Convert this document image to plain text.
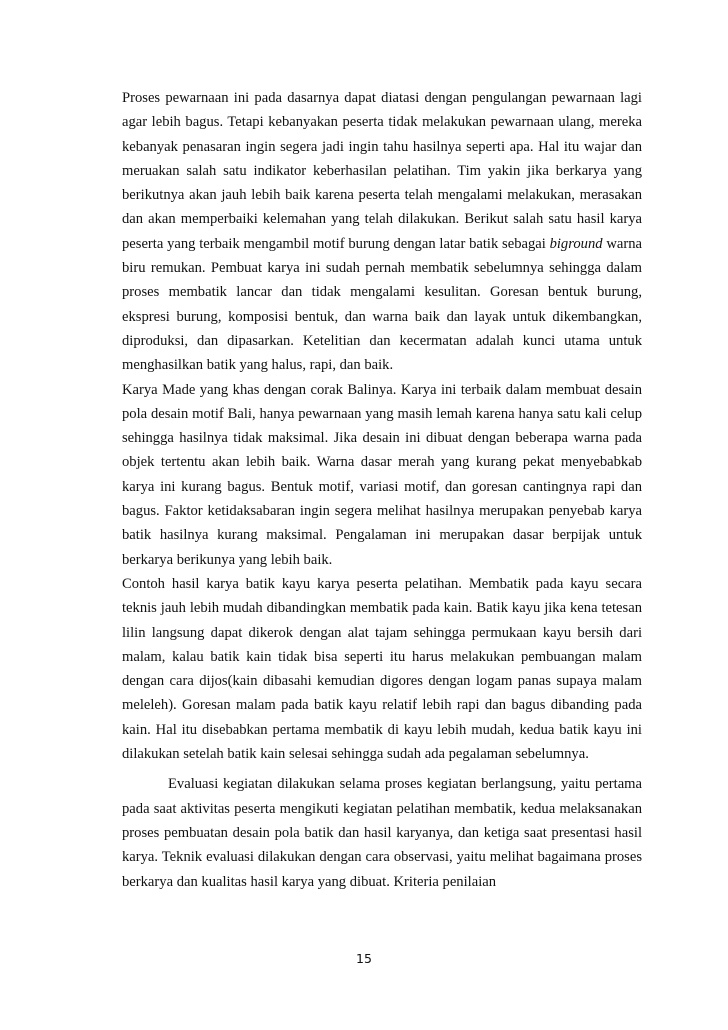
Proses pewarnaan ini pada dasarnya dapat diatasi dengan pengulangan pewarnaan lagi agar lebih bagus. Tetapi kebanyakan peserta tidak melakukan pewarnaan ulang, mereka kebanyak penasaran ingin segera jadi ingin tahu hasilnya seperti apa. Hal itu wajar dan meruakan salah satu indikator keberhasilan pelatihan. Tim yakin jika berkarya yang berikutnya akan jauh lebih baik karena peserta telah mengalami melakukan, merasakan dan akan memperbaiki kelemahan yang telah dilakukan. Berikut salah satu hasil karya peserta yang terbaik mengambil motif burung dengan latar batik sebagai biground warna biru remukan. Pembuat karya ini sudah pernah membatik sebelumnya sehingga dalam proses membatik lancar dan tidak mengalami kesulitan. Goresan bentuk burung, ekspresi burung, komposisi bentuk, dan warna baik dan layak untuk dikembangkan, diproduksi, dan dipasarkan. Ketelitian dan kecermatan adalah kunci utama untuk menghasilkan batik yang halus, rapi, dan baik.

Karya Made yang khas dengan corak Balinya. Karya ini terbaik dalam membuat desain pola desain motif Bali, hanya pewarnaan yang masih lemah karena hanya satu kali celup sehingga hasilnya tidak maksimal. Jika desain ini dibuat dengan beberapa warna pada objek tertentu akan lebih baik. Warna dasar merah yang kurang pekat menyebabkab karya ini kurang bagus. Bentuk motif, variasi motif, dan goresan cantingnya rapi dan bagus. Faktor ketidaksabaran ingin segera melihat hasilnya merupakan penyebab karya batik hasilnya kurang maksimal. Pengalaman ini merupakan dasar berpijak untuk berkarya berikunya yang lebih baik.

Contoh hasil karya batik kayu karya peserta pelatihan. Membatik pada kayu secara teknis jauh lebih mudah dibandingkan membatik pada kain. Batik kayu jika kena tetesan lilin langsung dapat dikerok dengan alat tajam sehingga permukaan kayu bersih dari malam, kalau batik kain tidak bisa seperti itu harus melakukan pembuangan malam dengan cara dijos(kain dibasahi kemudian digores dengan logam panas supaya malam meleleh). Goresan malam pada batik kayu relatif lebih rapi dan bagus dibanding pada kain. Hal itu disebabkan pertama membatik di kayu lebih mudah, kedua batik kayu ini dilakukan setelah batik kain selesai sehingga sudah ada pegalaman sebelumnya.

Evaluasi kegiatan dilakukan selama proses kegiatan berlangsung, yaitu pertama pada saat aktivitas peserta mengikuti kegiatan pelatihan membatik, kedua melaksanakan proses pembuatan desain pola batik dan hasil karyanya, dan ketiga saat presentasi hasil karya. Teknik evaluasi dilakukan dengan cara observasi, yaitu melihat bagaimana proses berkarya dan kualitas hasil karya yang dibuat. Kriteria penilaian

15
